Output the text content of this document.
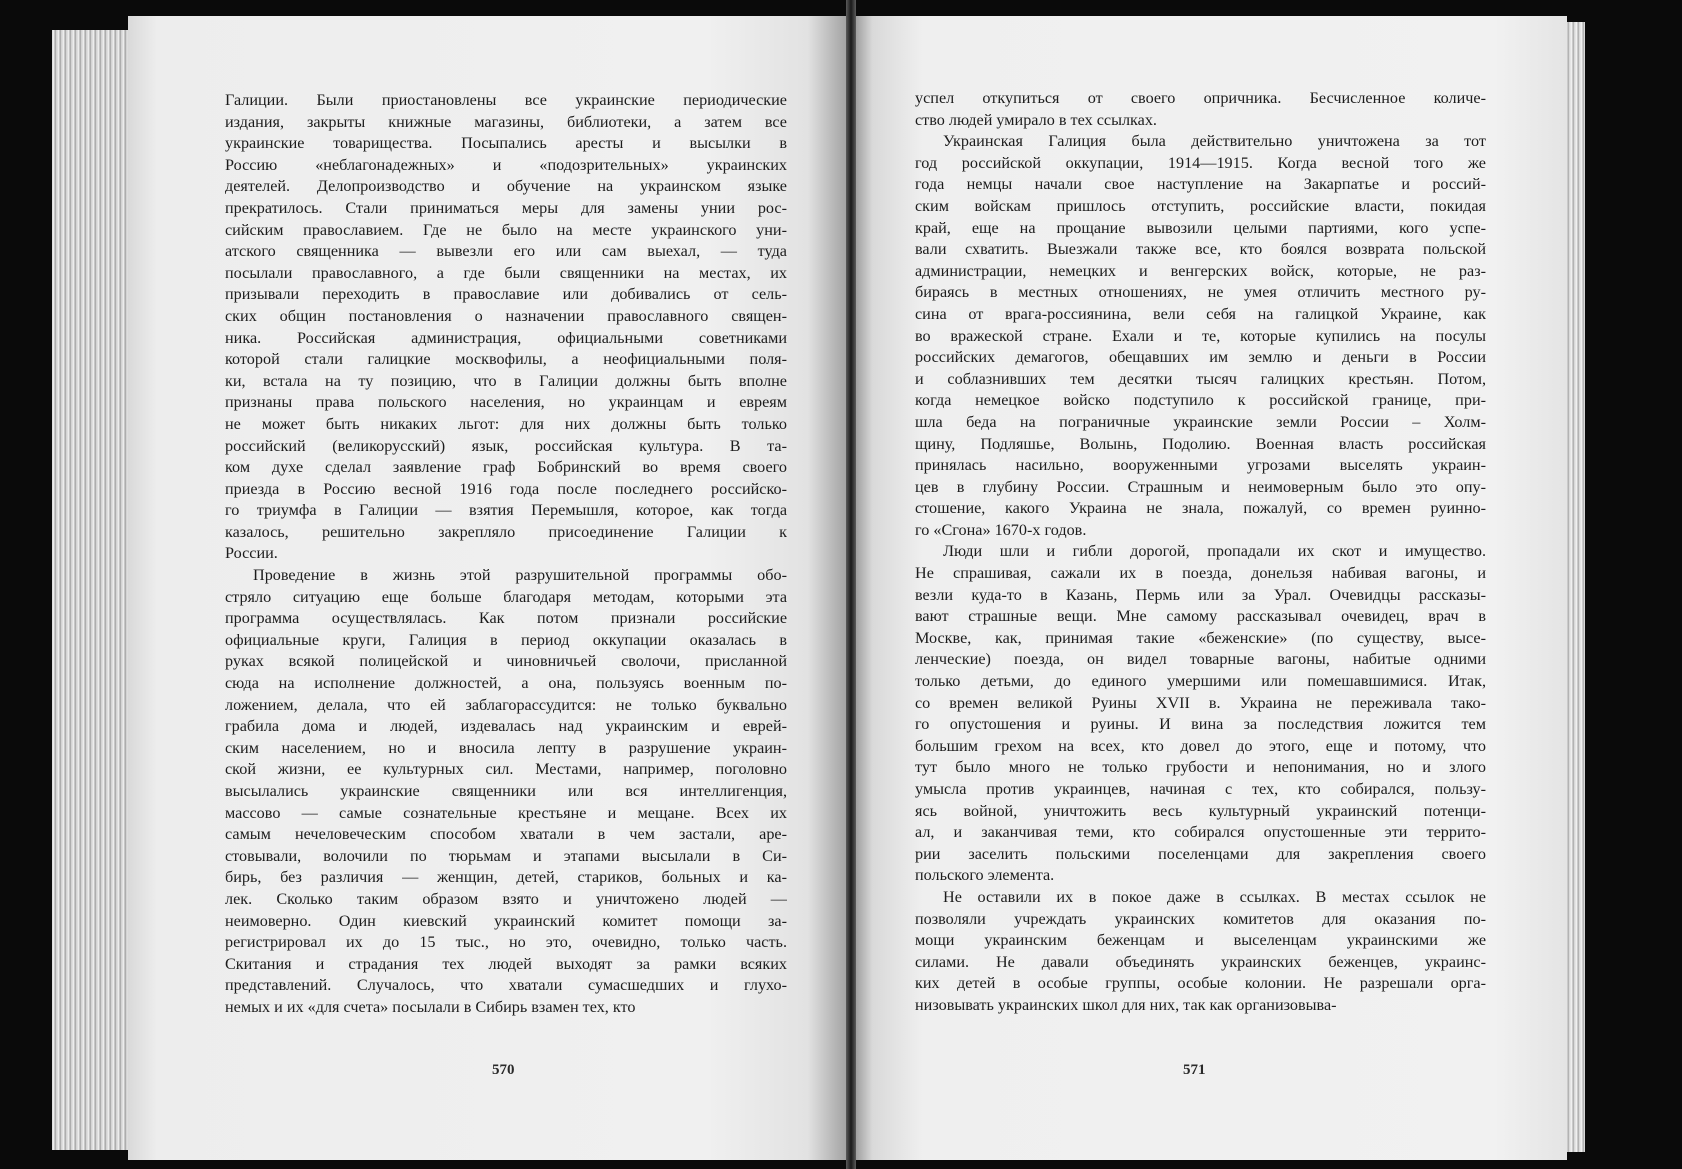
Галиции. Были приостановлены все украинские периодические
издания, закрыты книжные магазины, библиотеки, а затем все
украинские товарищества. Посыпались аресты и высылки в
Россию «неблагонадежных» и «подозрительных» украинских
деятелей. Делопроизводство и обучение на украинском языке
прекратилось. Стали приниматься меры для замены унии рос-
сийским православием. Где не было на месте украинского уни-
атского священника — вывезли его или сам выехал, — туда
посылали православного, а где были священники на местах, их
призывали переходить в православие или добивались от сель-
ских общин постановления о назначении православного священ-
ника. Российская администрация, официальными советниками
которой стали галицкие москвофилы, а неофициальными поля-
ки, встала на ту позицию, что в Галиции должны быть вполне
признаны права польского населения, но украинцам и евреям
не может быть никаких льгот: для них должны быть только
российский (великорусский) язык, российская культура. В та-
ком духе сделал заявление граф Бобринский во время своего
приезда в Россию весной 1916 года после последнего российско-
го триумфа в Галиции — взятия Перемышля, которое, как тогда
казалось, решительно закрепляло присоединение Галиции к
России.
Проведение в жизнь этой разрушительной программы обо-
стряло ситуацию еще больше благодаря методам, которыми эта
программа осуществлялась. Как потом признали российские
официальные круги, Галиция в период оккупации оказалась в
руках всякой полицейской и чиновничьей сволочи, присланной
сюда на исполнение должностей, а она, пользуясь военным по-
ложением, делала, что ей заблагорассудится: не только буквально
грабила дома и людей, издевалась над украинским и еврей-
ским населением, но и вносила лепту в разрушение украин-
ской жизни, ее культурных сил. Местами, например, поголовно
высылались украинские священники или вся интеллигенция,
массово — самые сознательные крестьяне и мещане. Всех их
самым нечеловеческим способом хватали в чем застали, аре-
стовывали, волочили по тюрьмам и этапами высылали в Си-
бирь, без различия — женщин, детей, стариков, больных и ка-
лек. Сколько таким образом взято и уничтожено людей —
неимоверно. Один киевский украинский комитет помощи за-
регистрировал их до 15 тыс., но это, очевидно, только часть.
Скитания и страдания тех людей выходят за рамки всяких
представлений. Случалось, что хватали сумасшедших и глухо-
немых и их «для счета» посылали в Сибирь взамен тех, кто
570
успел откупиться от своего опричника. Бесчисленное количе-
ство людей умирало в тех ссылках.
Украинская Галиция была действительно уничтожена за тот
год российской оккупации, 1914—1915. Когда весной того же
года немцы начали свое наступление на Закарпатье и россий-
ским войскам пришлось отступить, российские власти, покидая
край, еще на прощание вывозили целыми партиями, кого успе-
вали схватить. Выезжали также все, кто боялся возврата польской
администрации, немецких и венгерских войск, которые, не раз-
бираясь в местных отношениях, не умея отличить местного ру-
сина от врага-россиянина, вели себя на галицкой Украине, как
во вражеской стране. Ехали и те, которые купились на посулы
российских демагогов, обещавших им землю и деньги в России
и соблазнивших тем десятки тысяч галицких крестьян. Потом,
когда немецкое войско подступило к российской границе, при-
шла беда на пограничные украинские земли России – Холм-
щину, Подляшье, Волынь, Подолию. Военная власть российская
принялась насильно, вооруженными угрозами выселять украин-
цев в глубину России. Страшным и неимоверным было это опу-
стошение, какого Украина не знала, пожалуй, со времен руинно-
го «Сгона» 1670-х годов.
Люди шли и гибли дорогой, пропадали их скот и имущество.
Не спрашивая, сажали их в поезда, донельзя набивая вагоны, и
везли куда-то в Казань, Пермь или за Урал. Очевидцы рассказы-
вают страшные вещи. Мне самому рассказывал очевидец, врач в
Москве, как, принимая такие «беженские» (по существу, высе-
ленческие) поезда, он видел товарные вагоны, набитые одними
только детьми, до единого умершими или помешавшимися. Итак,
со времен великой Руины XVII в. Украина не переживала тако-
го опустошения и руины. И вина за последствия ложится тем
большим грехом на всех, кто довел до этого, еще и потому, что
тут было много не только грубости и непонимания, но и злого
умысла против украинцев, начиная с тех, кто собирался, пользу-
ясь войной, уничтожить весь культурный украинский потенци-
ал, и заканчивая теми, кто собирался опустошенные эти террито-
рии заселить польскими поселенцами для закрепления своего
польского элемента.
Не оставили их в покое даже в ссылках. В местах ссылок не
позволяли учреждать украинских комитетов для оказания по-
мощи украинским беженцам и выселенцам украинскими же
силами. Не давали объединять украинских беженцев, украинс-
ких детей в особые группы, особые колонии. Не разрешали орга-
низовывать украинских школ для них, так как организовыва-
571
